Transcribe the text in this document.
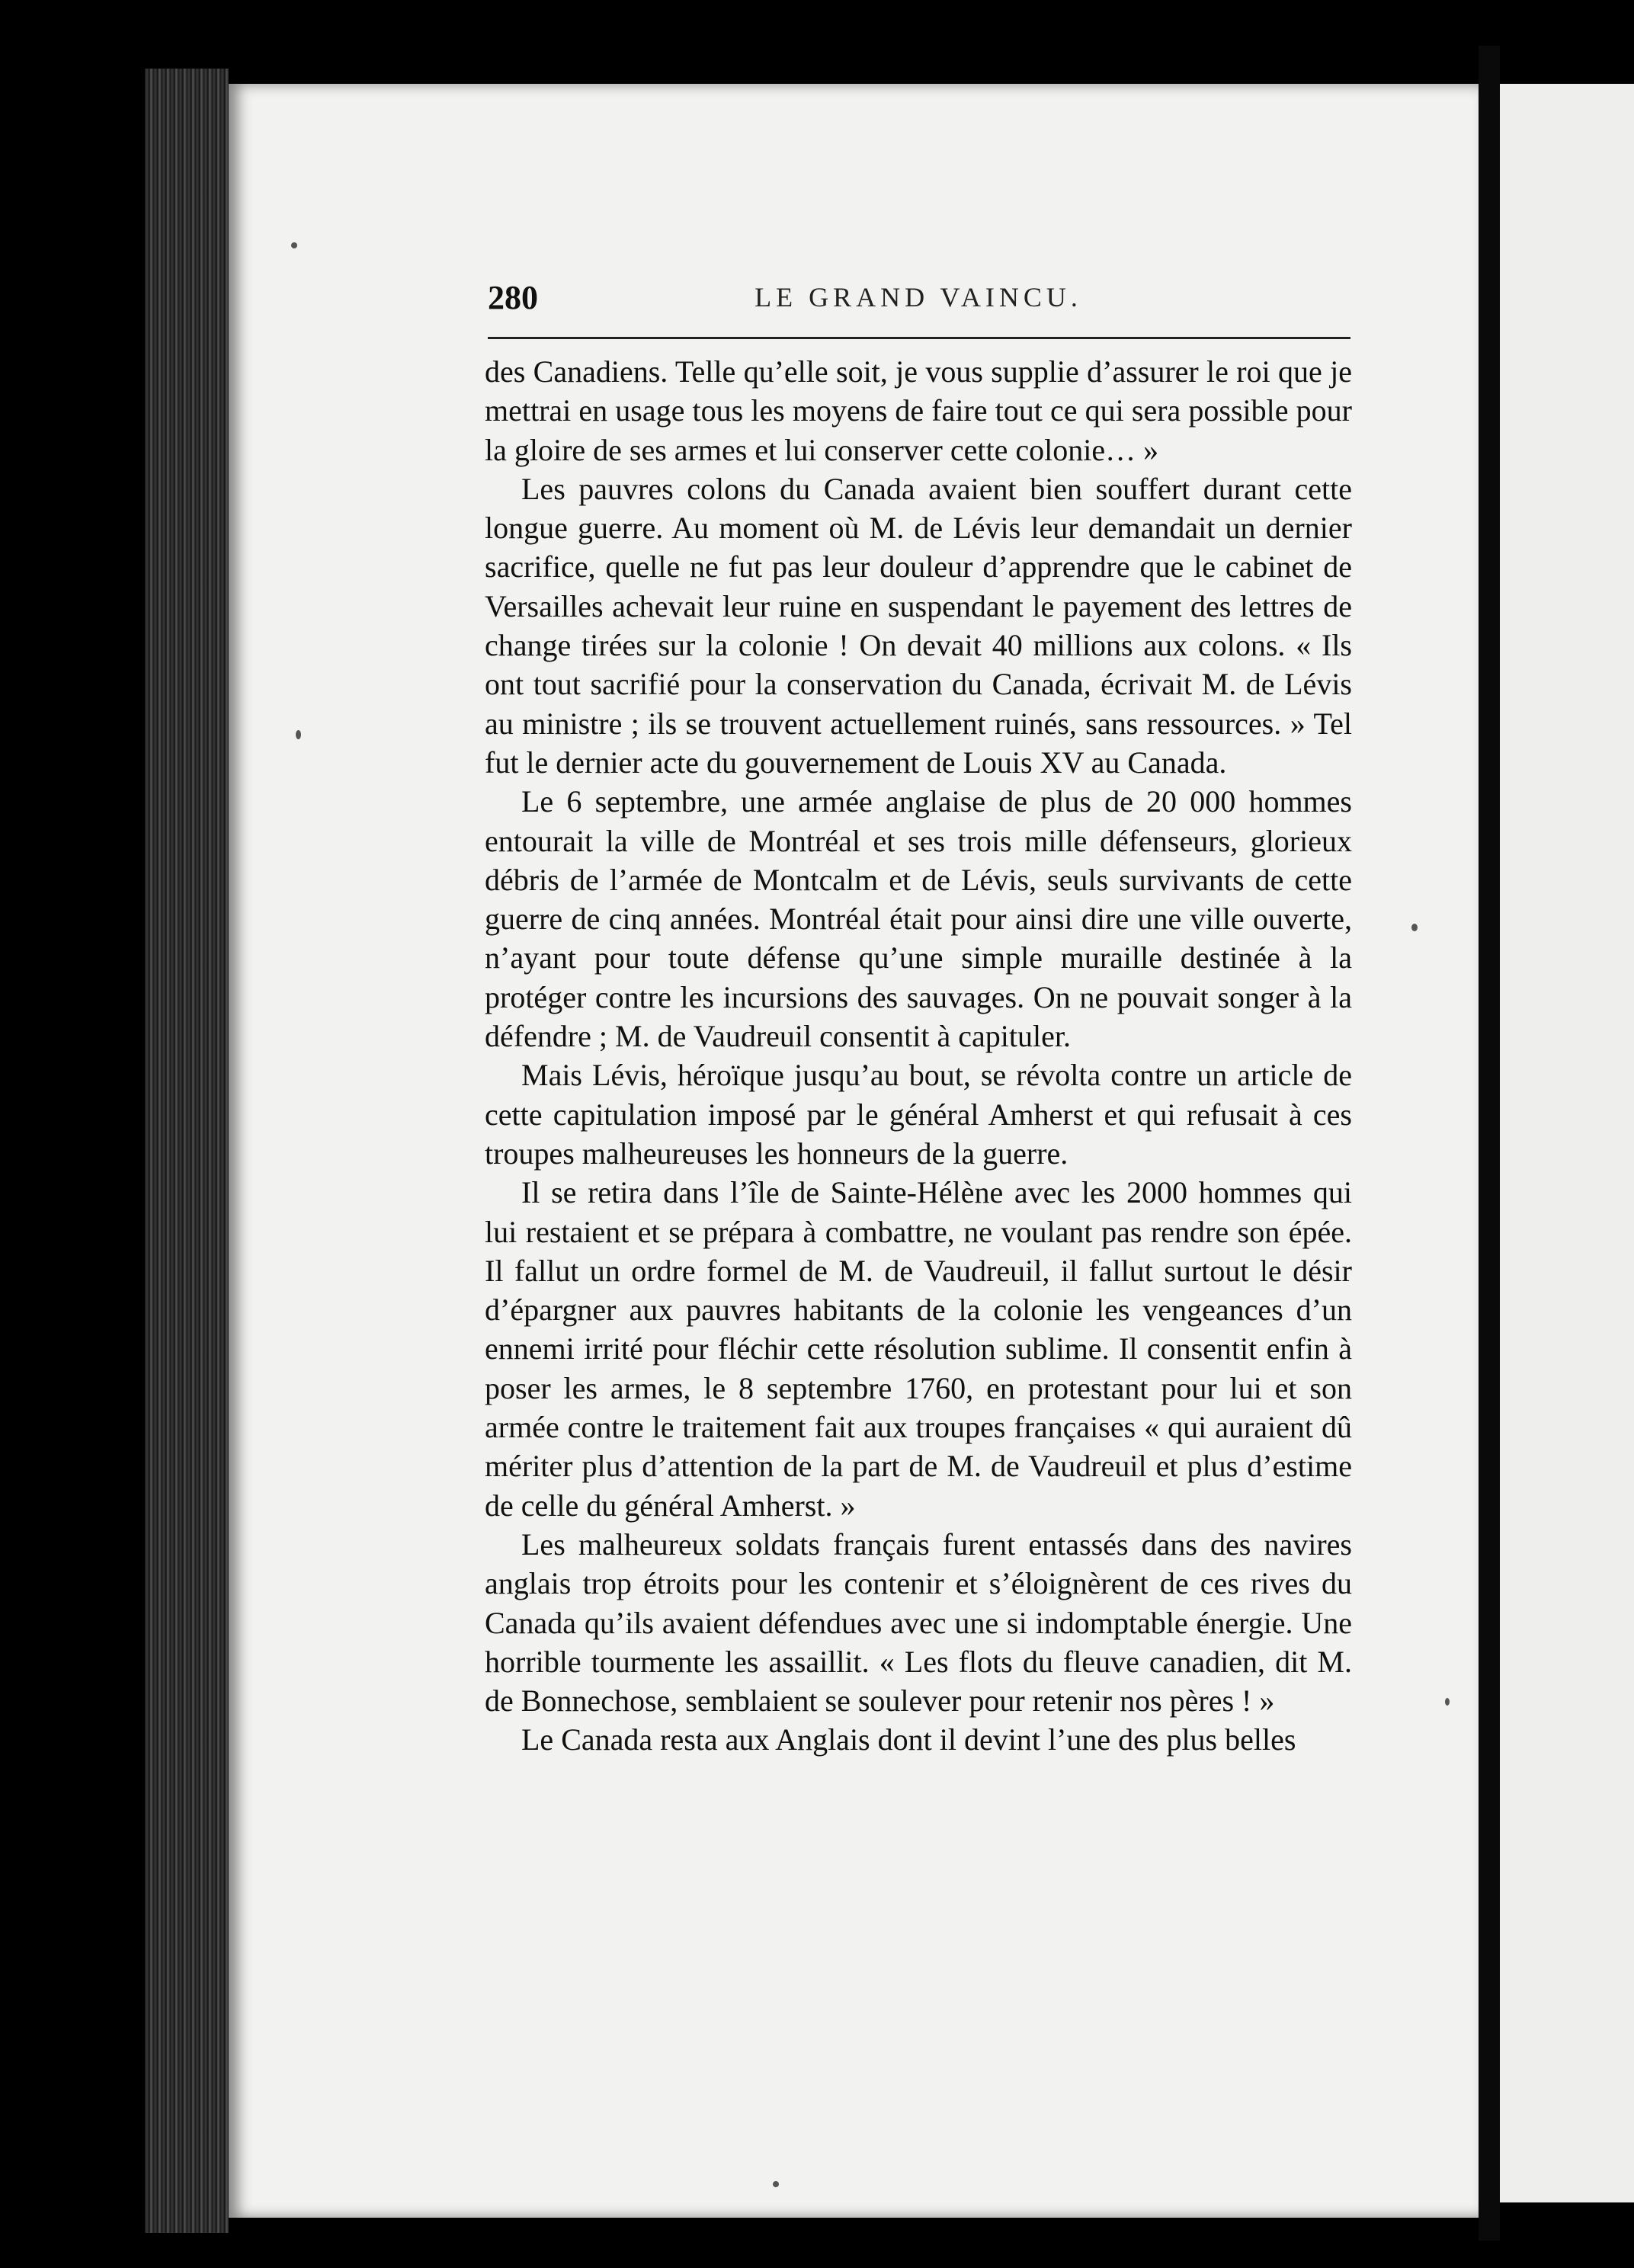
280	LE GRAND VAINCU.

des Canadiens. Telle qu’elle soit, je vous supplie d’assurer le roi que je mettrai en usage tous les moyens de faire tout ce qui sera possible pour la gloire de ses armes et lui conserver cette colonie… »

Les pauvres colons du Canada avaient bien souffert durant cette longue guerre. Au moment où M. de Lévis leur demandait un dernier sacrifice, quelle ne fut pas leur douleur d’apprendre que le cabinet de Versailles achevait leur ruine en suspendant le payement des lettres de change tirées sur la colonie ! On devait 40 millions aux colons. « Ils ont tout sacrifié pour la conservation du Canada, écrivait M. de Lévis au ministre ; ils se trouvent actuellement ruinés, sans ressources. » Tel fut le dernier acte du gouvernement de Louis XV au Canada.

Le 6 septembre, une armée anglaise de plus de 20 000 hommes entourait la ville de Montréal et ses trois mille défenseurs, glorieux débris de l’armée de Montcalm et de Lévis, seuls survivants de cette guerre de cinq années. Montréal était pour ainsi dire une ville ouverte, n’ayant pour toute défense qu’une simple muraille destinée à la protéger contre les incursions des sauvages. On ne pouvait songer à la défendre ; M. de Vaudreuil consentit à capituler.

Mais Lévis, héroïque jusqu’au bout, se révolta contre un article de cette capitulation imposé par le général Amherst et qui refusait à ces troupes malheureuses les honneurs de la guerre.

Il se retira dans l’île de Sainte-Hélène avec les 2000 hommes qui lui restaient et se prépara à combattre, ne voulant pas rendre son épée. Il fallut un ordre formel de M. de Vaudreuil, il fallut surtout le désir d’épargner aux pauvres habitants de la colonie les vengeances d’un ennemi irrité pour fléchir cette résolution sublime. Il consentit enfin à poser les armes, le 8 septembre 1760, en protestant pour lui et son armée contre le traitement fait aux troupes françaises « qui auraient dû mériter plus d’attention de la part de M. de Vaudreuil et plus d’estime de celle du général Amherst. »

Les malheureux soldats français furent entassés dans des navires anglais trop étroits pour les contenir et s’éloignèrent de ces rives du Canada qu’ils avaient défendues avec une si indomptable énergie. Une horrible tourmente les assaillit. « Les flots du fleuve canadien, dit M. de Bonnechose, semblaient se soulever pour retenir nos pères ! »

Le Canada resta aux Anglais dont il devint l’une des plus belles
